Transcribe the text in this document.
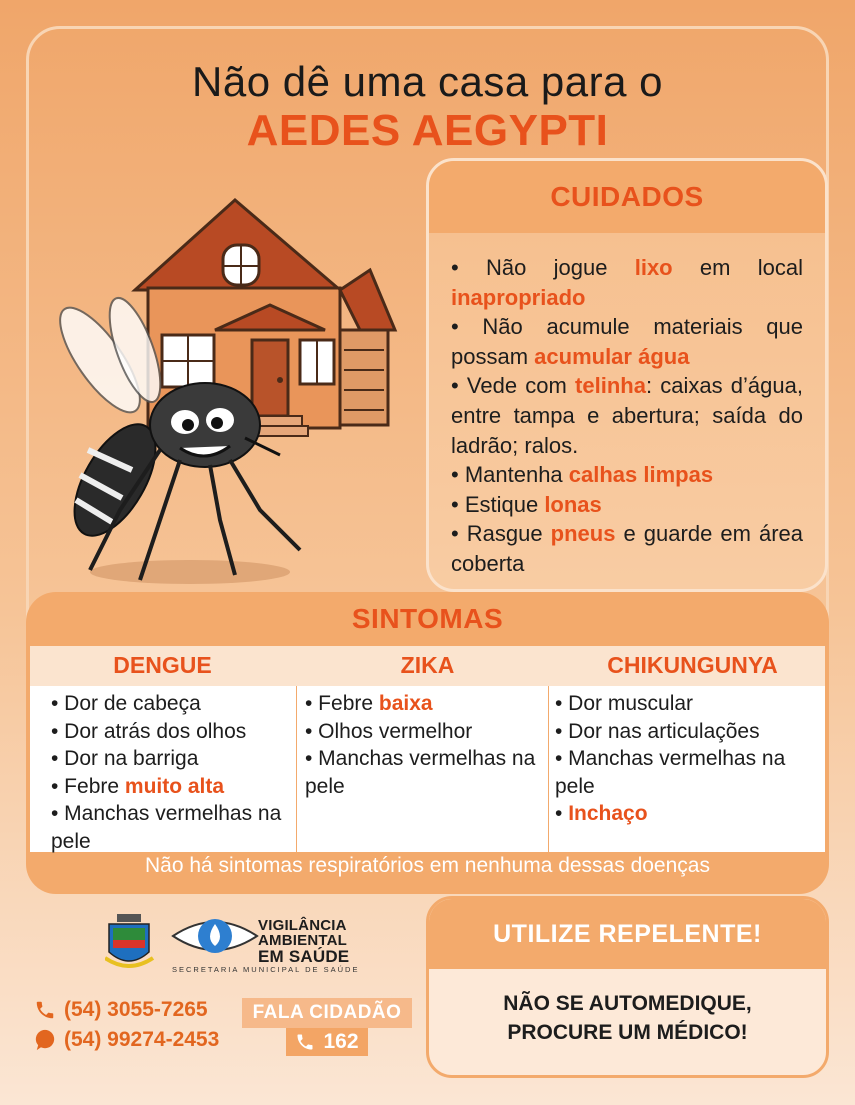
Não dê uma casa para o
AEDES AEGYPTI
CUIDADOS
• Não jogue lixo em local inapropriado
• Não acumule materiais que possam acumular água
• Vede com telinha: caixas d’água, entre tampa e abertura; saída do ladrão; ralos.
• Mantenha calhas limpas
• Estique lonas
• Rasgue pneus e guarde em área coberta
SINTOMAS
DENGUE	ZIKA	CHIKUNGUNYA
• Dor de cabeça
• Dor atrás dos olhos
• Dor na barriga
• Febre muito alta
• Manchas vermelhas na pele
• Febre baixa
• Olhos vermelhor
• Manchas vermelhas na pele
• Dor muscular
• Dor nas articulações
• Manchas vermelhas na pele
• Inchaço
Não há sintomas respiratórios em nenhuma dessas doenças
VIGILÂNCIA
AMBIENTAL
EM SAÚDE
SECRETARIA MUNICIPAL DE SAÚDE
(54) 3055-7265
(54) 99274-2453
FALA CIDADÃO
162
UTILIZE REPELENTE!
NÃO SE AUTOMEDIQUE,
PROCURE UM MÉDICO!
